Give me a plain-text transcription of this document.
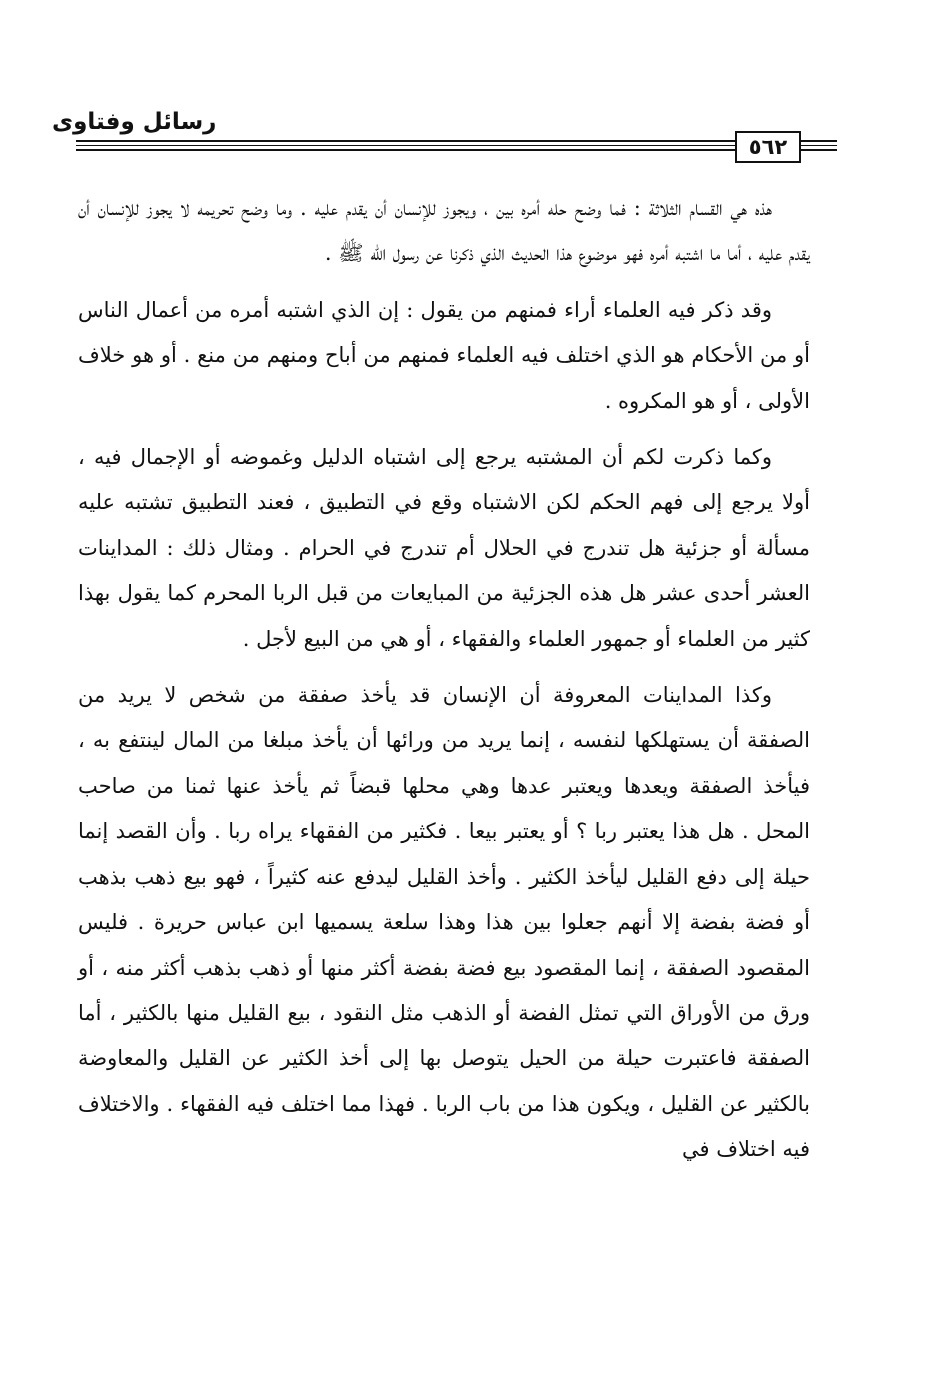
رسائل وفتاوى
٥٦٢

هذه هي القسام الثلاثة : فما وضح حله أمره بين ، ويجوز للإنسان أن يقدم عليه . وما وضح تحريمه لا يجوز للإنسان أن يقدم عليه ، أما ما اشتبه أمره فهو موضوع هذا الحديث الذي ذكرنا عن رسول الله ﷺ .

وقد ذكر فيه العلماء أراء فمنهم من يقول : إن الذي اشتبه أمره من أعمال الناس أو من الأحكام هو الذي اختلف فيه العلماء فمنهم من أباح ومنهم من منع . أو هو خلاف الأولى ، أو هو المكروه .

وكما ذكرت لكم أن المشتبه يرجع إلى اشتباه الدليل وغموضه أو الإجمال فيه ، أولا يرجع إلى فهم الحكم لكن الاشتباه وقع في التطبيق ، فعند التطبيق تشتبه عليه مسألة أو جزئية هل تندرج في الحلال أم تندرج في الحرام . ومثال ذلك : المداينات العشر أحدى عشر هل هذه الجزئية من المبايعات من قبل الربا المحرم كما يقول بهذا كثير من العلماء أو جمهور العلماء والفقهاء ، أو هي من البيع لأجل .

وكذا المداينات المعروفة أن الإنسان قد يأخذ صفقة من شخص لا يريد من الصفقة أن يستهلكها لنفسه ، إنما يريد من ورائها أن يأخذ مبلغا من المال لينتفع به ، فيأخذ الصفقة ويعدها ويعتبر عدها وهي محلها قبضاً ثم يأخذ عنها ثمنا من صاحب المحل . هل هذا يعتبر ربا ؟ أو يعتبر بيعا . فكثير من الفقهاء يراه ربا . وأن القصد إنما حيلة إلى دفع القليل ليأخذ الكثير . وأخذ القليل ليدفع عنه كثيراً ، فهو بيع ذهب بذهب أو فضة بفضة إلا أنهم جعلوا بين هذا وهذا سلعة يسميها ابن عباس حريرة . فليس المقصود الصفقة ، إنما المقصود بيع فضة بفضة أكثر منها أو ذهب بذهب أكثر منه ، أو ورق من الأوراق التي تمثل الفضة أو الذهب مثل النقود ، بيع القليل منها بالكثير ، أما الصفقة فاعتبرت حيلة من الحيل يتوصل بها إلى أخذ الكثير عن القليل والمعاوضة بالكثير عن القليل ، ويكون هذا من باب الربا . فهذا مما اختلف فيه الفقهاء . والاختلاف فيه اختلاف في
